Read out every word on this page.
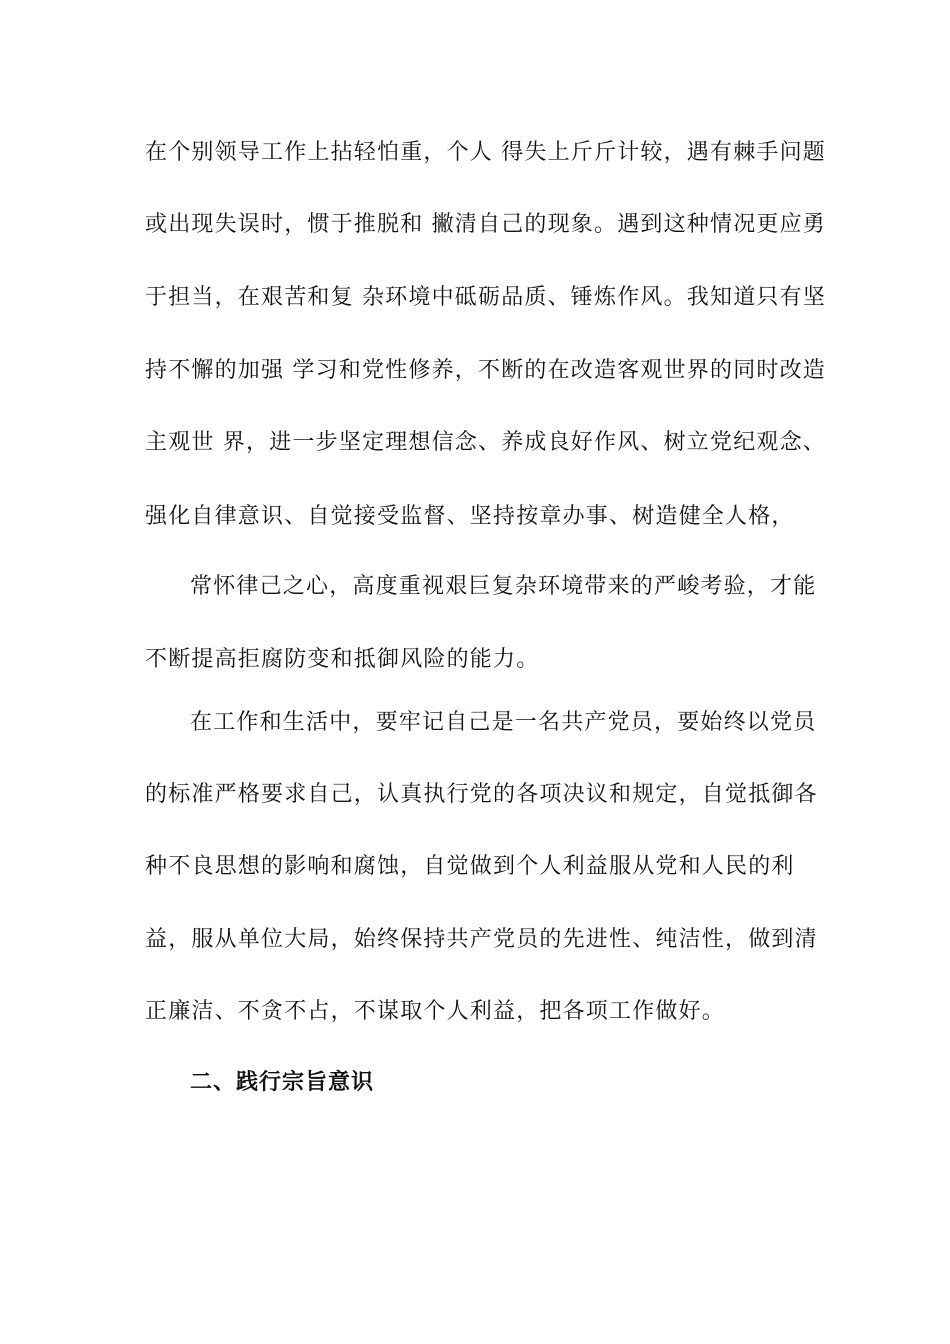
在个别领导工作上拈轻怕重，个人 得失上斤斤计较，遇有棘手问题
或出现失误时，惯于推脱和 撇清自己的现象。遇到这种情况更应勇
于担当，在艰苦和复 杂环境中砥砺品质、锤炼作风。我知道只有坚
持不懈的加强 学习和党性修养，不断的在改造客观世界的同时改造
主观世 界，进一步坚定理想信念、养成良好作风、树立党纪观念、
强化自律意识、自觉接受监督、坚持按章办事、树造健全人格，
常怀律己之心，高度重视艰巨复杂环境带来的严峻考验，才能
不断提高拒腐防变和抵御风险的能力。
在工作和生活中，要牢记自己是一名共产党员，要始终以党员
的标准严格要求自己，认真执行党的各项决议和规定，自觉抵御各
种不良思想的影响和腐蚀，自觉做到个人利益服从党和人民的利
益，服从单位大局，始终保持共产党员的先进性、纯洁性，做到清
正廉洁、不贪不占，不谋取个人利益，把各项工作做好。
二、践行宗旨意识
